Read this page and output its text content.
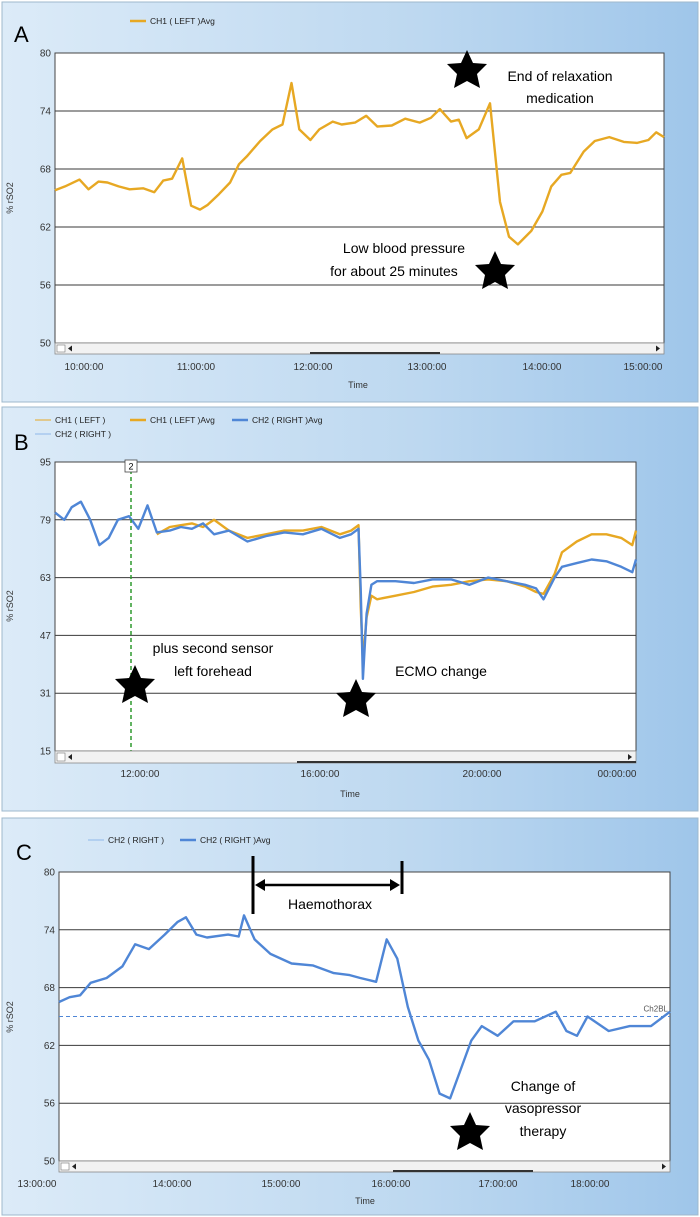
A
CH1 ( LEFT )Avg
80
74
68
62
56
50
% rSO2
10:00:00	11:00:00	12:00:00	13:00:00	14:00:00	15:00:00
Time
End of relaxation
medication
Low blood pressure
for about 25 minutes
B
CH1 ( LEFT )	CH1 ( LEFT )Avg	CH2 ( RIGHT )Avg
CH2 ( RIGHT )
95
79
63
47
31
15
% rSO2
2
12:00:00	16:00:00	20:00:00	00:00:00
Time
plus second sensor
left forehead	ECMO change
C	CH2 ( RIGHT )	CH2 ( RIGHT )Avg
80
74
68
62
56
50
% rSO2	Ch2BL
13:00:00	14:00:00	15:00:00	16:00:00	17:00:00	18:00:00
Time
Haemothorax
Change of
vasopressor
therapy
